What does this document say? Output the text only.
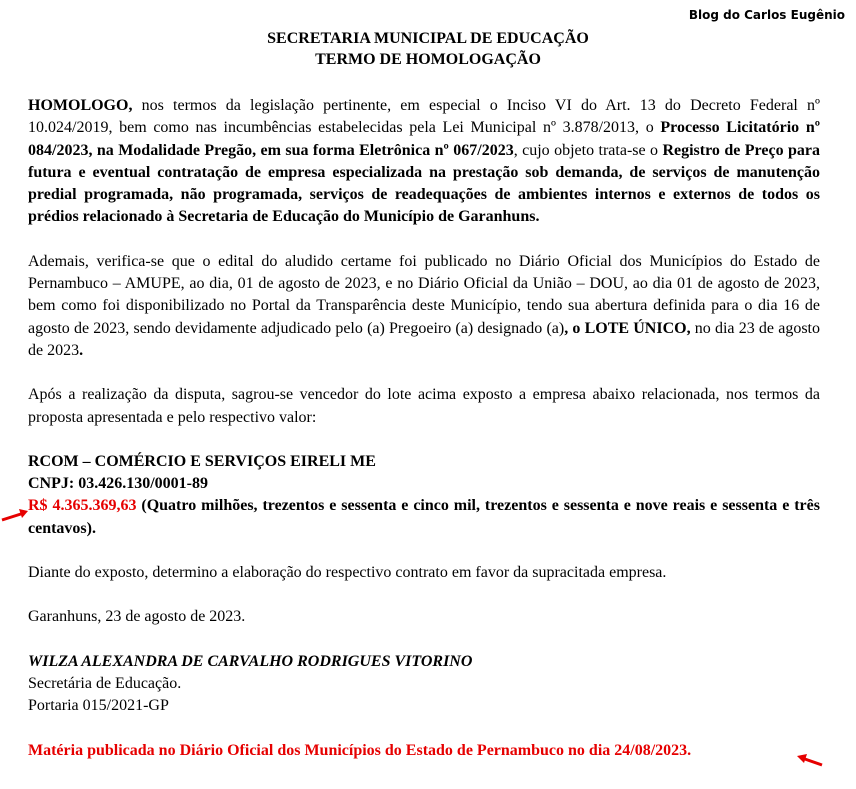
Blog do Carlos Eugênio
SECRETARIA MUNICIPAL DE EDUCAÇÃO
TERMO DE HOMOLOGAÇÃO

HOMOLOGO, nos termos da legislação pertinente, em especial o Inciso VI do Art. 13 do Decreto Federal nº 10.024/2019, bem como nas incumbências estabelecidas pela Lei Municipal nº 3.878/2013, o Processo Licitatório nº 084/2023, na Modalidade Pregão, em sua forma Eletrônica nº 067/2023, cujo objeto trata-se o Registro de Preço para futura e eventual contratação de empresa especializada na prestação sob demanda, de serviços de manutenção predial programada, não programada, serviços de readequações de ambientes internos e externos de todos os prédios relacionado à Secretaria de Educação do Município de Garanhuns.

Ademais, verifica-se que o edital do aludido certame foi publicado no Diário Oficial dos Municípios do Estado de Pernambuco – AMUPE, ao dia, 01 de agosto de 2023, e no Diário Oficial da União – DOU, ao dia 01 de agosto de 2023, bem como foi disponibilizado no Portal da Transparência deste Município, tendo sua abertura definida para o dia 16 de agosto de 2023, sendo devidamente adjudicado pelo (a) Pregoeiro (a) designado (a), o LOTE ÚNICO, no dia 23 de agosto de 2023.

Após a realização da disputa, sagrou-se vencedor do lote acima exposto a empresa abaixo relacionada, nos termos da proposta apresentada e pelo respectivo valor:

RCOM – COMÉRCIO E SERVIÇOS EIRELI ME
CNPJ: 03.426.130/0001-89

R$ 4.365.369,63 (Quatro milhões, trezentos e sessenta e cinco mil, trezentos e sessenta e nove reais e sessenta e três centavos).

Diante do exposto, determino a elaboração do respectivo contrato em favor da supracitada empresa.

Garanhuns, 23 de agosto de 2023.
WILZA ALEXANDRA DE CARVALHO RODRIGUES VITORINO
Secretária de Educação.
Portaria 015/2021-GP
Matéria publicada no Diário Oficial dos Municípios do Estado de Pernambuco no dia 24/08/2023.
